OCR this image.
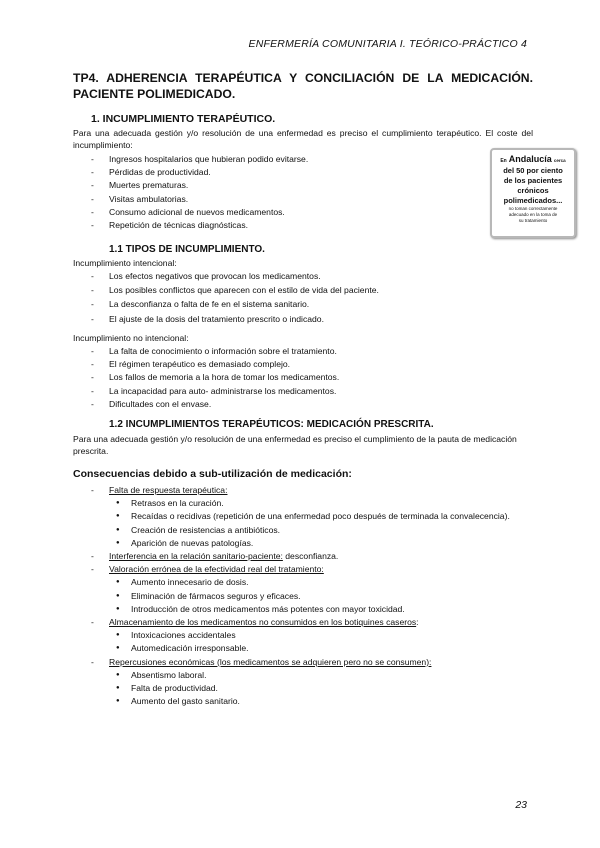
ENFERMERÍA COMUNITARIA I. TEÓRICO-PRÁCTICO 4
TP4. ADHERENCIA TERAPÉUTICA Y CONCILIACIÓN DE LA MEDICACIÓN. PACIENTE POLIMEDICADO.
1. INCUMPLIMIENTO TERAPÉUTICO.
Para una adecuada gestión y/o resolución de una enfermedad es preciso el cumplimiento terapéutico. El coste del incumplimiento:
- Ingresos hospitalarios que hubieran podido evitarse.
- Pérdidas de productividad.
- Muertes prematuras.
- Visitas ambulatorias.
- Consumo adicional de nuevos medicamentos.
- Repetición de técnicas diagnósticas.
En Andalucía cerca
del 50 por ciento
de los pacientes
crónicos
polimedicados...
no toman correctamente
adecuado en la toma de
su tratamiento
1.1 TIPOS DE INCUMPLIMIENTO.
Incumplimiento intencional:
- Los efectos negativos que provocan los medicamentos.
- Los posibles conflictos que aparecen con el estilo de vida del paciente.
- La desconfianza o falta de fe en el sistema sanitario.
- El ajuste de la dosis del tratamiento prescrito o indicado.
Incumplimiento no intencional:
- La falta de conocimiento o información sobre el tratamiento.
- El régimen terapéutico es demasiado complejo.
- Los fallos de memoria a la hora de tomar los medicamentos.
- La incapacidad para auto- administrarse los medicamentos.
- Dificultades con el envase.
1.2 INCUMPLIMIENTOS TERAPÉUTICOS: MEDICACIÓN PRESCRITA.
Para una adecuada gestión y/o resolución de una enfermedad es preciso el cumplimiento de la pauta de medicación prescrita.
Consecuencias debido a sub-utilización de medicación:
- Falta de respuesta terapéutica:
● Retrasos en la curación.
● Recaídas o recidivas (repetición de una enfermedad poco después de terminada la convalecencia).
● Creación de resistencias a antibióticos.
● Aparición de nuevas patologías.
- Interferencia en la relación sanitario-paciente: desconfianza.
- Valoración errónea de la efectividad real del tratamiento:
● Aumento innecesario de dosis.
● Eliminación de fármacos seguros y eficaces.
● Introducción de otros medicamentos más potentes con mayor toxicidad.
- Almacenamiento de los medicamentos no consumidos en los botiquines caseros:
● Intoxicaciones accidentales
● Automedicación irresponsable.
- Repercusiones económicas (los medicamentos se adquieren pero no se consumen):
● Absentismo laboral.
● Falta de productividad.
● Aumento del gasto sanitario.
23
